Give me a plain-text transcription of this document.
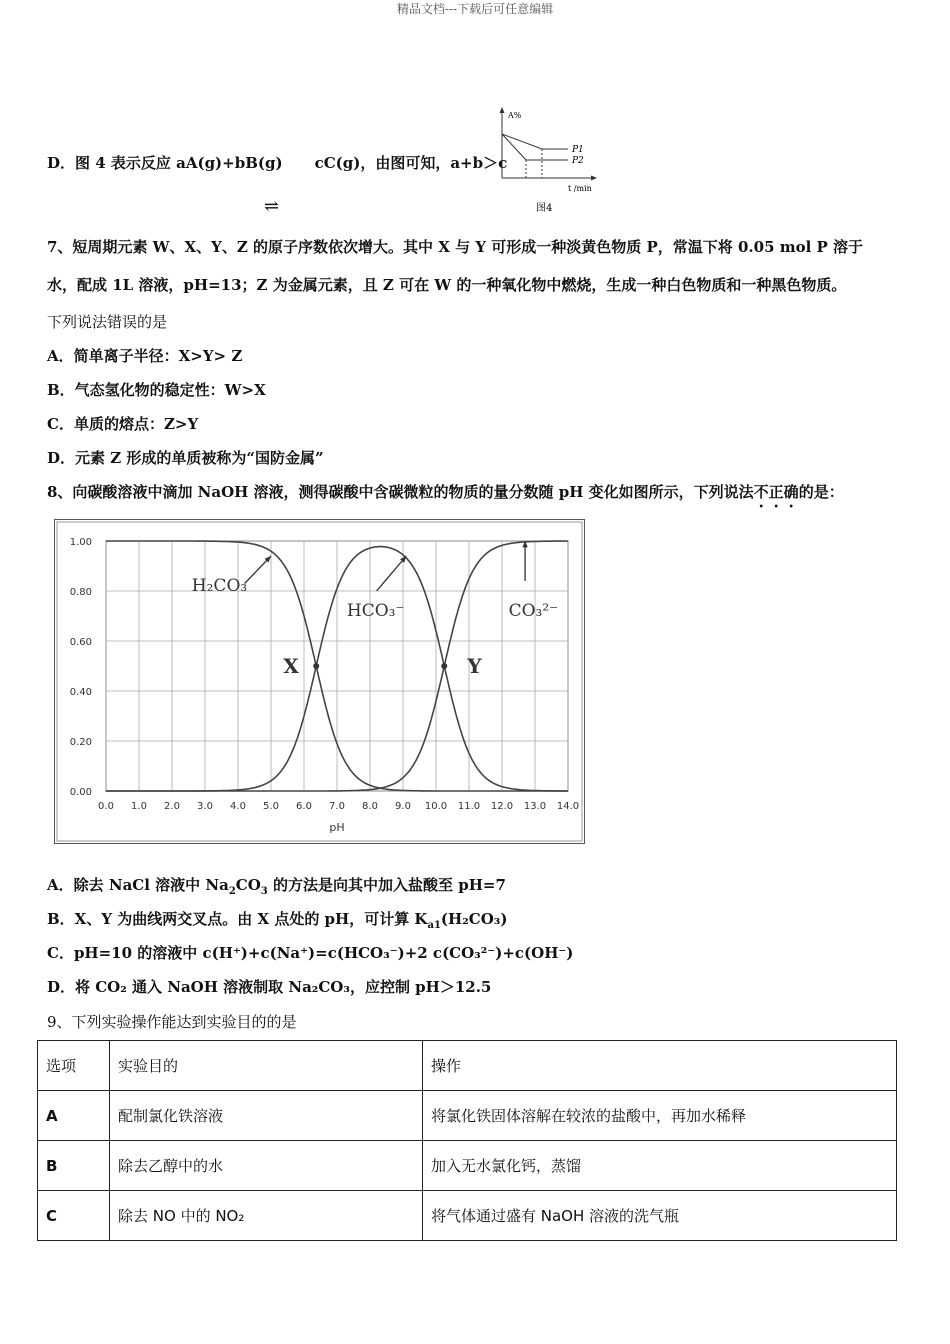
精品文档---下载后可任意编辑
D．图 4 表示反应 aA(g)+bB(g) cC(g)，由图可知，a+b＞c
⇌
A%
P1
P2
t /min
图4
7、短周期元素 W、X、Y、Z 的原子序数依次增大。其中 X 与 Y 可形成一种淡黄色物质 P，常温下将 0.05 mol P 溶于
水，配成 1L 溶液，pH=13；Z 为金属元素，且 Z 可在 W 的一种氧化物中燃烧，生成一种白色物质和一种黑色物质。
下列说法错误的是
A．简单离子半径：X>Y> Z
B．气态氢化物的稳定性：W>X
C．单质的熔点：Z>Y
D．元素 Z 形成的单质被称为“国防金属”
8、向碳酸溶液中滴加 NaOH 溶液，测得碳酸中含碳微粒的物质的量分数随 pH 变化如图所示，下列说法不正确的是：
0.00
0.20
0.40
0.60
0.80
1.00
0.0 1.0 2.0 3.0 4.0 5.0 6.0 7.0 8.0 9.0 10.0 11.0 12.0 13.0 14.0
pH
H₂CO₃
HCO₃⁻	CO₃²⁻
X	Y
A．除去 NaCl 溶液中 $Na_2CO_3$ 的方法是向其中加入盐酸至 pH=7
B．X、Y 为曲线两交叉点。由 X 点处的 pH，可计算 $K_{a1}(H_2CO_3)$
C．pH=10 的溶液中 c(H⁺)+c(Na⁺)=c(HCO₃⁻)+2 c(CO₃²⁻)+c(OH⁻)
D．将 CO₂ 通入 NaOH 溶液制取 Na₂CO₃，应控制 pH＞12.5
9、下列实验操作能达到实验目的的是
选项	实验目的	操作
A	配制氯化铁溶液	将氯化铁固体溶解在较浓的盐酸中，再加水稀释
B	除去乙醇中的水	加入无水氯化钙，蒸馏
C	除去 NO 中的 NO₂	将气体通过盛有 NaOH 溶液的洗气瓶
